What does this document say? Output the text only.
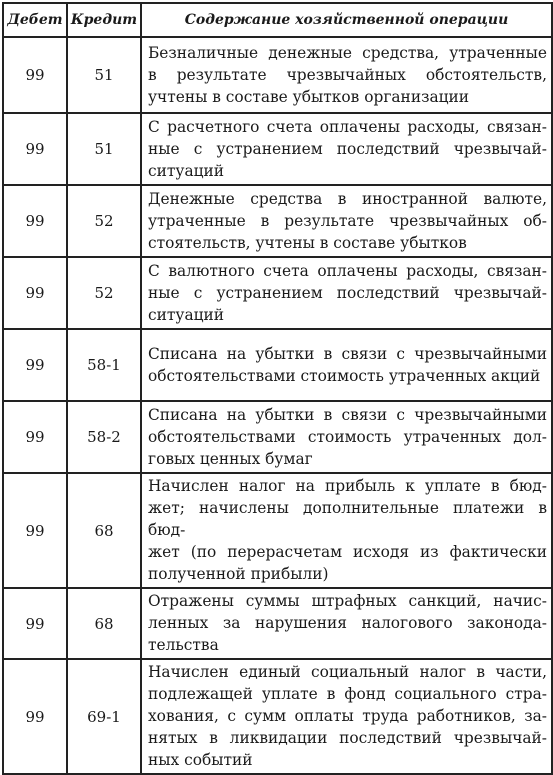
Дебет	Кредит	Содержание хозяйственной операции
99	51	Безналичные денежные средства, утраченные
в результате чрезвычайных обстоятельств,
учтены в составе убытков организации

99	51	С расчетного счета оплачены расходы, связан-
ные с устранением последствий чрезвычай-
ситуаций

99	52	Денежные средства в иностранной валюте,
утраченные в результате чрезвычайных об-
стоятельств, учтены в составе убытков

99	52	С валютного счета оплачены расходы, связан-
ные с устранением последствий чрезвычай-
ситуаций

99	58-1	Списана на убытки в связи с чрезвычайными
обстоятельствами стоимость утраченных акций

99	58-2	Списана на убытки в связи с чрезвычайными
обстоятельствами стоимость утраченных дол-
говых ценных бумаг

99	68	Начислен налог на прибыль к уплате в бюд-
жет; начислены дополнительные платежи в бюд-
жет (по перерасчетам исходя из фактически
полученной прибыли)

99	68	Отражены суммы штрафных санкций, начис-
ленных за нарушения налогового законода-
тельства

99	69-1	Начислен единый социальный налог в части,
подлежащей уплате в фонд социального стра-
хования, с сумм оплаты труда работников, за-
нятых в ликвидации последствий чрезвычай-
ных событий
